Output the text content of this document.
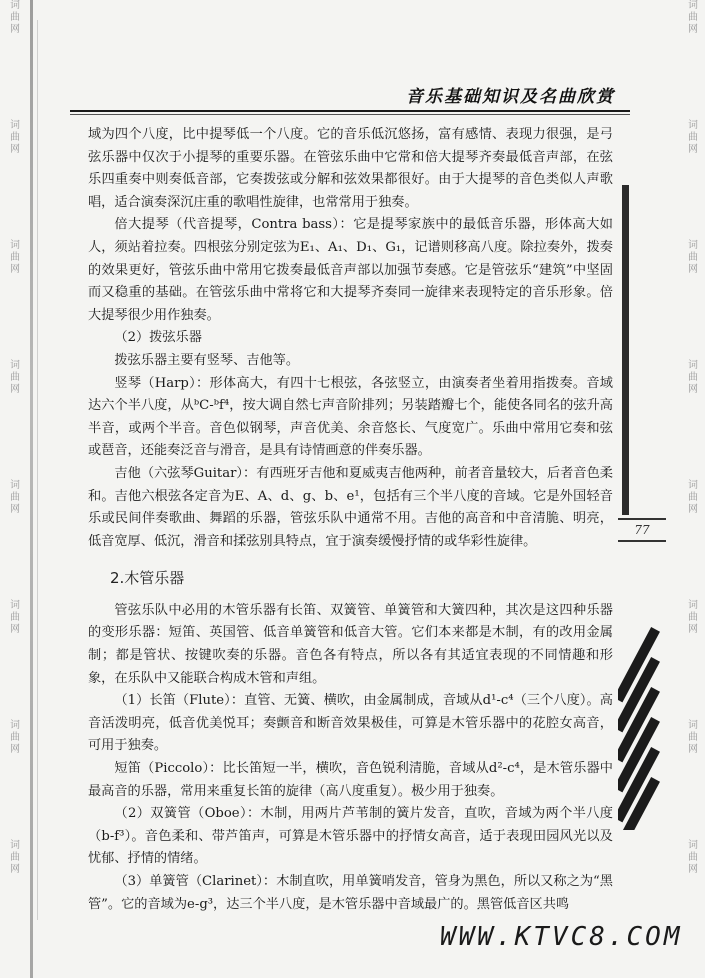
词
曲
网
词
曲
网
词
曲
网
词
曲
网
词
曲
网
词
曲
网
词
曲
网
词
曲
网
词
曲
网
词
曲
网
词
曲
网
词
曲
网
词
曲
网
词
曲
网
词
曲
网
词
曲
网
音乐基础知识及名曲欣赏
77

域为四个八度，比中提琴低一个八度。它的音乐低沉悠扬，富有感情、表现力很强，是弓弦乐器中仅次于小提琴的重要乐器。在管弦乐曲中它常和倍大提琴齐奏最低音声部，在弦乐四重奏中则奏低音部，它奏拨弦或分解和弦效果都很好。由于大提琴的音色类似人声歌唱，适合演奏深沉庄重的歌唱性旋律，也常常用于独奏。

倍大提琴（代音提琴，Contra bass）：它是提琴家族中的最低音乐器，形体高大如人，须站着拉奏。四根弦分别定弦为E₁、A₁、D₁、G₁，记谱则移高八度。除拉奏外，拨奏的效果更好，管弦乐曲中常用它拨奏最低音声部以加强节奏感。它是管弦乐“建筑”中坚固而又稳重的基础。在管弦乐曲中常将它和大提琴齐奏同一旋律来表现特定的音乐形象。倍大提琴很少用作独奏。

（2）拨弦乐器

拨弦乐器主要有竖琴、吉他等。

竖琴（Harp）：形体高大，有四十七根弦，各弦竖立，由演奏者坐着用指拨奏。音域达六个半八度，从ᵇC-ᵇf⁴，按大调自然七声音阶排列；另装踏瓣七个，能使各同名的弦升高半音，或两个半音。音色似钢琴，声音优美、余音悠长、气度宽广。乐曲中常用它奏和弦或琶音，还能奏泛音与滑音，是具有诗情画意的伴奏乐器。

吉他（六弦琴Guitar）：有西班牙吉他和夏威夷吉他两种，前者音量较大，后者音色柔和。吉他六根弦各定音为E、A、d、g、b、e¹，包括有三个半八度的音域。它是外国轻音乐或民间伴奏歌曲、舞蹈的乐器，管弦乐队中通常不用。吉他的高音和中音清脆、明亮，低音宽厚、低沉，滑音和揉弦别具特点，宜于演奏缓慢抒情的或华彩性旋律。

2.木管乐器

管弦乐队中必用的木管乐器有长笛、双簧管、单簧管和大簧四种，其次是这四种乐器的变形乐器：短笛、英国管、低音单簧管和低音大管。它们本来都是木制，有的改用金属制；都是管状、按键吹奏的乐器。音色各有特点，所以各有其适宜表现的不同情趣和形象，在乐队中又能联合构成木管和声组。

（1）长笛（Flute）：直管、无簧、横吹，由金属制成，音域从d¹-c⁴（三个八度）。高音活泼明亮，低音优美悦耳；奏颤音和断音效果极佳，可算是木管乐器中的花腔女高音，可用于独奏。

短笛（Piccolo）：比长笛短一半，横吹，音色锐利清脆，音域从d²-c⁴，是木管乐器中最高音的乐器，常用来重复长笛的旋律（高八度重复）。极少用于独奏。

（2）双簧管（Oboe）：木制，用两片芦苇制的簧片发音，直吹，音域为两个半八度（b-f³）。音色柔和、带芦笛声，可算是木管乐器中的抒情女高音，适于表现田园风光以及忧郁、抒情的情绪。

（3）单簧管（Clarinet）：木制直吹，用单簧哨发音，管身为黑色，所以又称之为“黑管”。它的音域为e-g³，达三个半八度，是木管乐器中音域最广的。黑管低音区共鸣

WWW.KTVC8.COM
